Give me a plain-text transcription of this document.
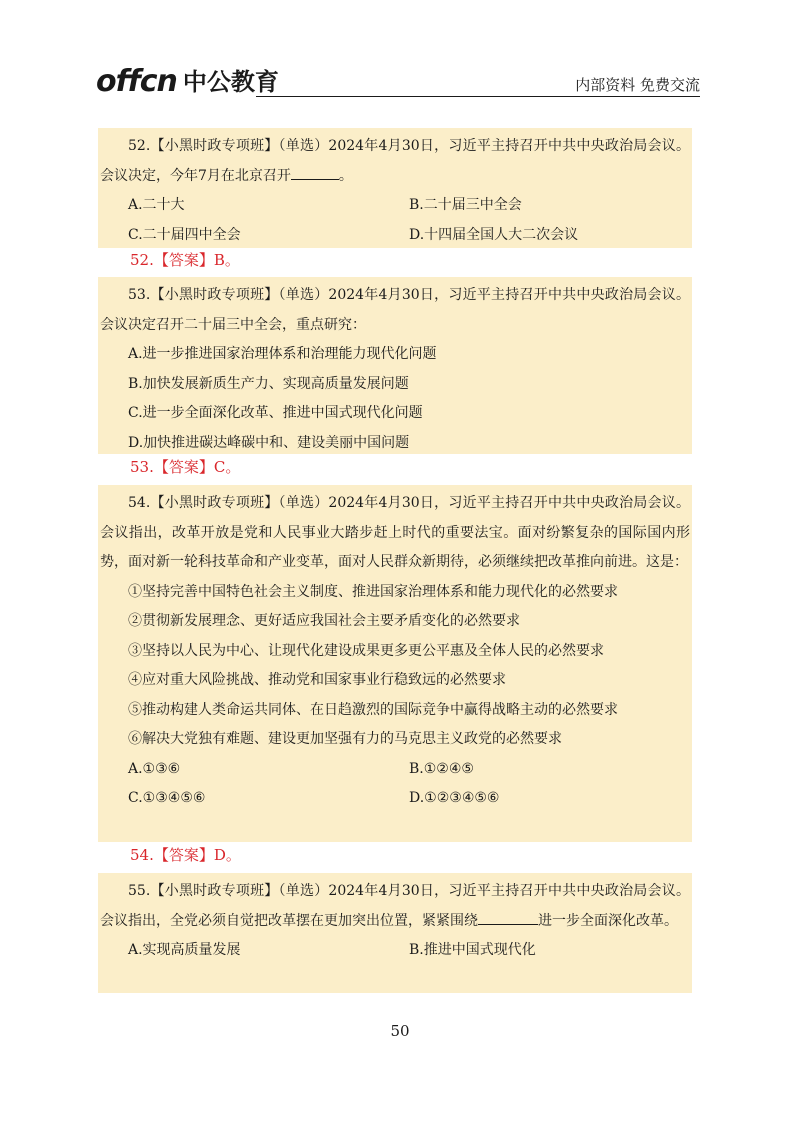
offcn 中公教育	内部资料 免费交流

52.【小黑时政专项班】（单选）2024年4月30日，习近平主持召开中共中央政治局会议。会议决定，今年7月在北京召开	。

A.二十大	B.二十届三中全会
C.二十届四中全会	D.十四届全国人大二次会议
52.【答案】B。

53.【小黑时政专项班】（单选）2024年4月30日，习近平主持召开中共中央政治局会议。会议决定召开二十届三中全会，重点研究：

A.进一步推进国家治理体系和治理能力现代化问题

B.加快发展新质生产力、实现高质量发展问题

C.进一步全面深化改革、推进中国式现代化问题

D.加快推进碳达峰碳中和、建设美丽中国问题

53.【答案】C。

54.【小黑时政专项班】（单选）2024年4月30日，习近平主持召开中共中央政治局会议。会议指出，改革开放是党和人民事业大踏步赶上时代的重要法宝。面对纷繁复杂的国际国内形势，面对新一轮科技革命和产业变革，面对人民群众新期待，必须继续把改革推向前进。这是：

①坚持完善中国特色社会主义制度、推进国家治理体系和能力现代化的必然要求

②贯彻新发展理念、更好适应我国社会主要矛盾变化的必然要求

③坚持以人民为中心、让现代化建设成果更多更公平惠及全体人民的必然要求

④应对重大风险挑战、推动党和国家事业行稳致远的必然要求

⑤推动构建人类命运共同体、在日趋激烈的国际竞争中赢得战略主动的必然要求

⑥解决大党独有难题、建设更加坚强有力的马克思主义政党的必然要求

A.①③⑥	B.①②④⑤
C.①③④⑤⑥	D.①②③④⑤⑥
54.【答案】D。

55.【小黑时政专项班】（单选）2024年4月30日，习近平主持召开中共中央政治局会议。会议指出，全党必须自觉把改革摆在更加突出位置，紧紧围绕	进一步全面深化改革。

A.实现高质量发展	B.推进中国式现代化
50
